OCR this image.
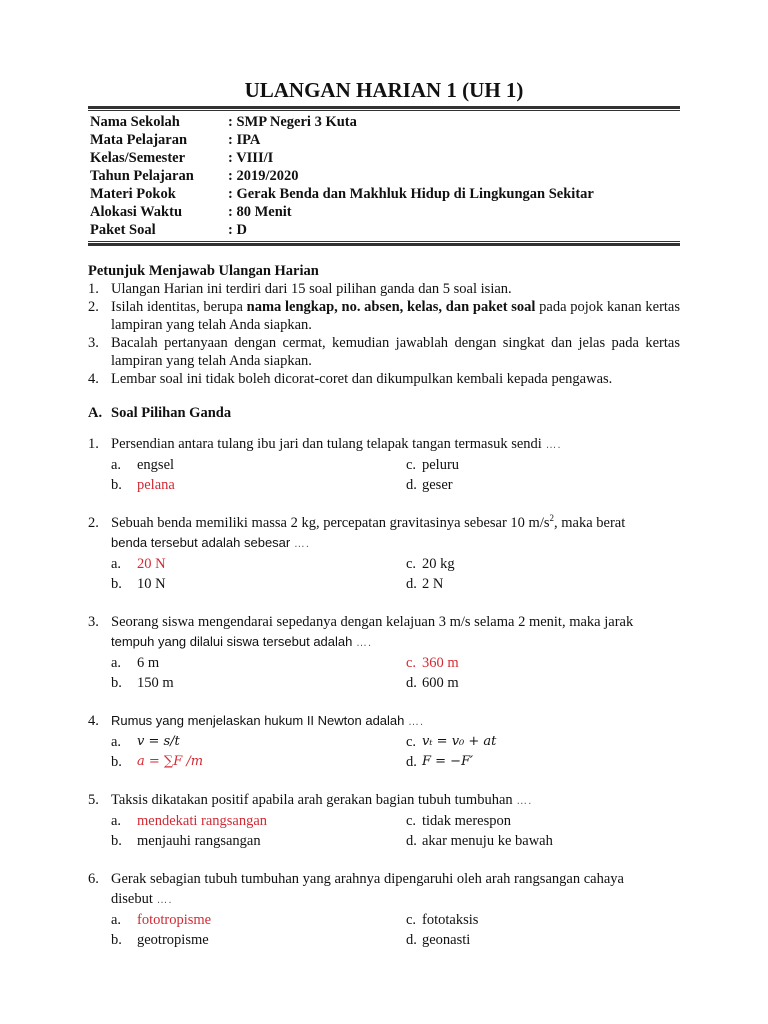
ULANGAN HARIAN 1 (UH 1)
Nama Sekolah	: SMP Negeri 3 Kuta
Mata Pelajaran	: IPA
Kelas/Semester	: VIII/I
Tahun Pelajaran	: 2019/2020
Materi Pokok	: Gerak Benda dan Makhluk Hidup di Lingkungan Sekitar
Alokasi Waktu	: 80 Menit
Paket Soal	: D
Petunjuk Menjawab Ulangan Harian
1. Ulangan Harian ini terdiri dari 15 soal pilihan ganda dan 5 soal isian.
2. Isilah identitas, berupa nama lengkap, no. absen, kelas, dan paket soal pada pojok kanan kertas lampiran yang telah Anda siapkan.
3. Bacalah pertanyaan dengan cermat, kemudian jawablah dengan singkat dan jelas pada kertas lampiran yang telah Anda siapkan.
4. Lembar soal ini tidak boleh dicorat-coret dan dikumpulkan kembali kepada pengawas.
A. Soal Pilihan Ganda
1. Persendian antara tulang ibu jari dan tulang telapak tangan termasuk sendi ….
a.	engsel	c. peluru
b.	pelana	d. geser
2. Sebuah benda memiliki massa 2 kg, percepatan gravitasinya sebesar 10 $m/s^2$, maka berat
benda tersebut adalah sebesar ….
a.	20 N	c. 20 kg
b.	10 N	d. 2 N
3. Seorang siswa mengendarai sepedanya dengan kelajuan 3 m/s selama 2 menit, maka jarak
tempuh yang dilalui siswa tersebut adalah ….
a.	6 m	c. 360 m
b.	150 m	d. 600 m
4. Rumus yang menjelaskan hukum II Newton adalah ….
a.	v = s/t	c. vₜ = v₀ + at
b.	a = ∑F /m	d. F = −F′
5. Taksis dikatakan positif apabila arah gerakan bagian tubuh tumbuhan ….
a.	mendekati rangsangan	c. tidak merespon
b.	menjauhi rangsangan	d. akar menuju ke bawah
6. Gerak sebagian tubuh tumbuhan yang arahnya dipengaruhi oleh arah rangsangan cahaya
disebut ….
a.	fototropisme	c. fototaksis
b.	geotropisme	d. geonasti
